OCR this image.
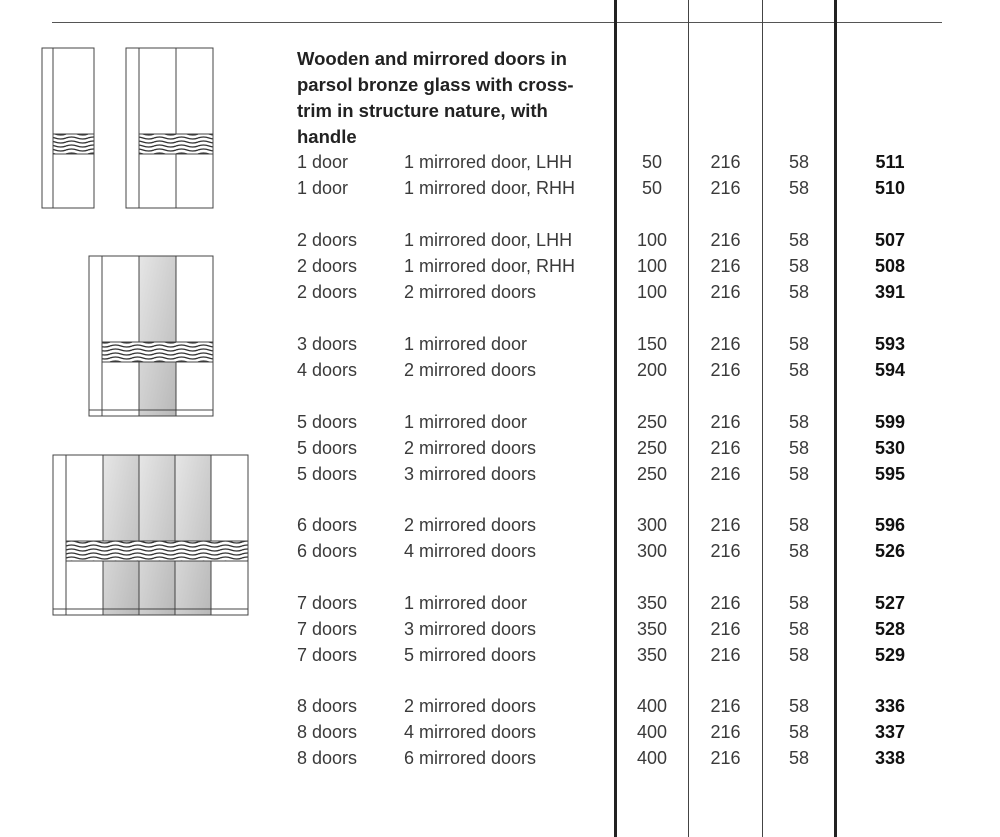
Wooden and mirrored doors in parsol bronze glass with cross-trim in structure nature, with handle
1 door	1 mirrored door, LHH	50	216	58	511
1 door	1 mirrored door, RHH	50	216	58	510
2 doors	1 mirrored door, LHH	100	216	58	507
2 doors	1 mirrored door, RHH	100	216	58	508
2 doors	2 mirrored doors	100	216	58	391
3 doors	1 mirrored door	150	216	58	593
4 doors	2 mirrored doors	200	216	58	594
5 doors	1 mirrored door	250	216	58	599
5 doors	2 mirrored doors	250	216	58	530
5 doors	3 mirrored doors	250	216	58	595
6 doors	2 mirrored doors	300	216	58	596
6 doors	4 mirrored doors	300	216	58	526
7 doors	1 mirrored door	350	216	58	527
7 doors	3 mirrored doors	350	216	58	528
7 doors	5 mirrored doors	350	216	58	529
8 doors	2 mirrored doors	400	216	58	336
8 doors	4 mirrored doors	400	216	58	337
8 doors	6 mirrored doors	400	216	58	338
